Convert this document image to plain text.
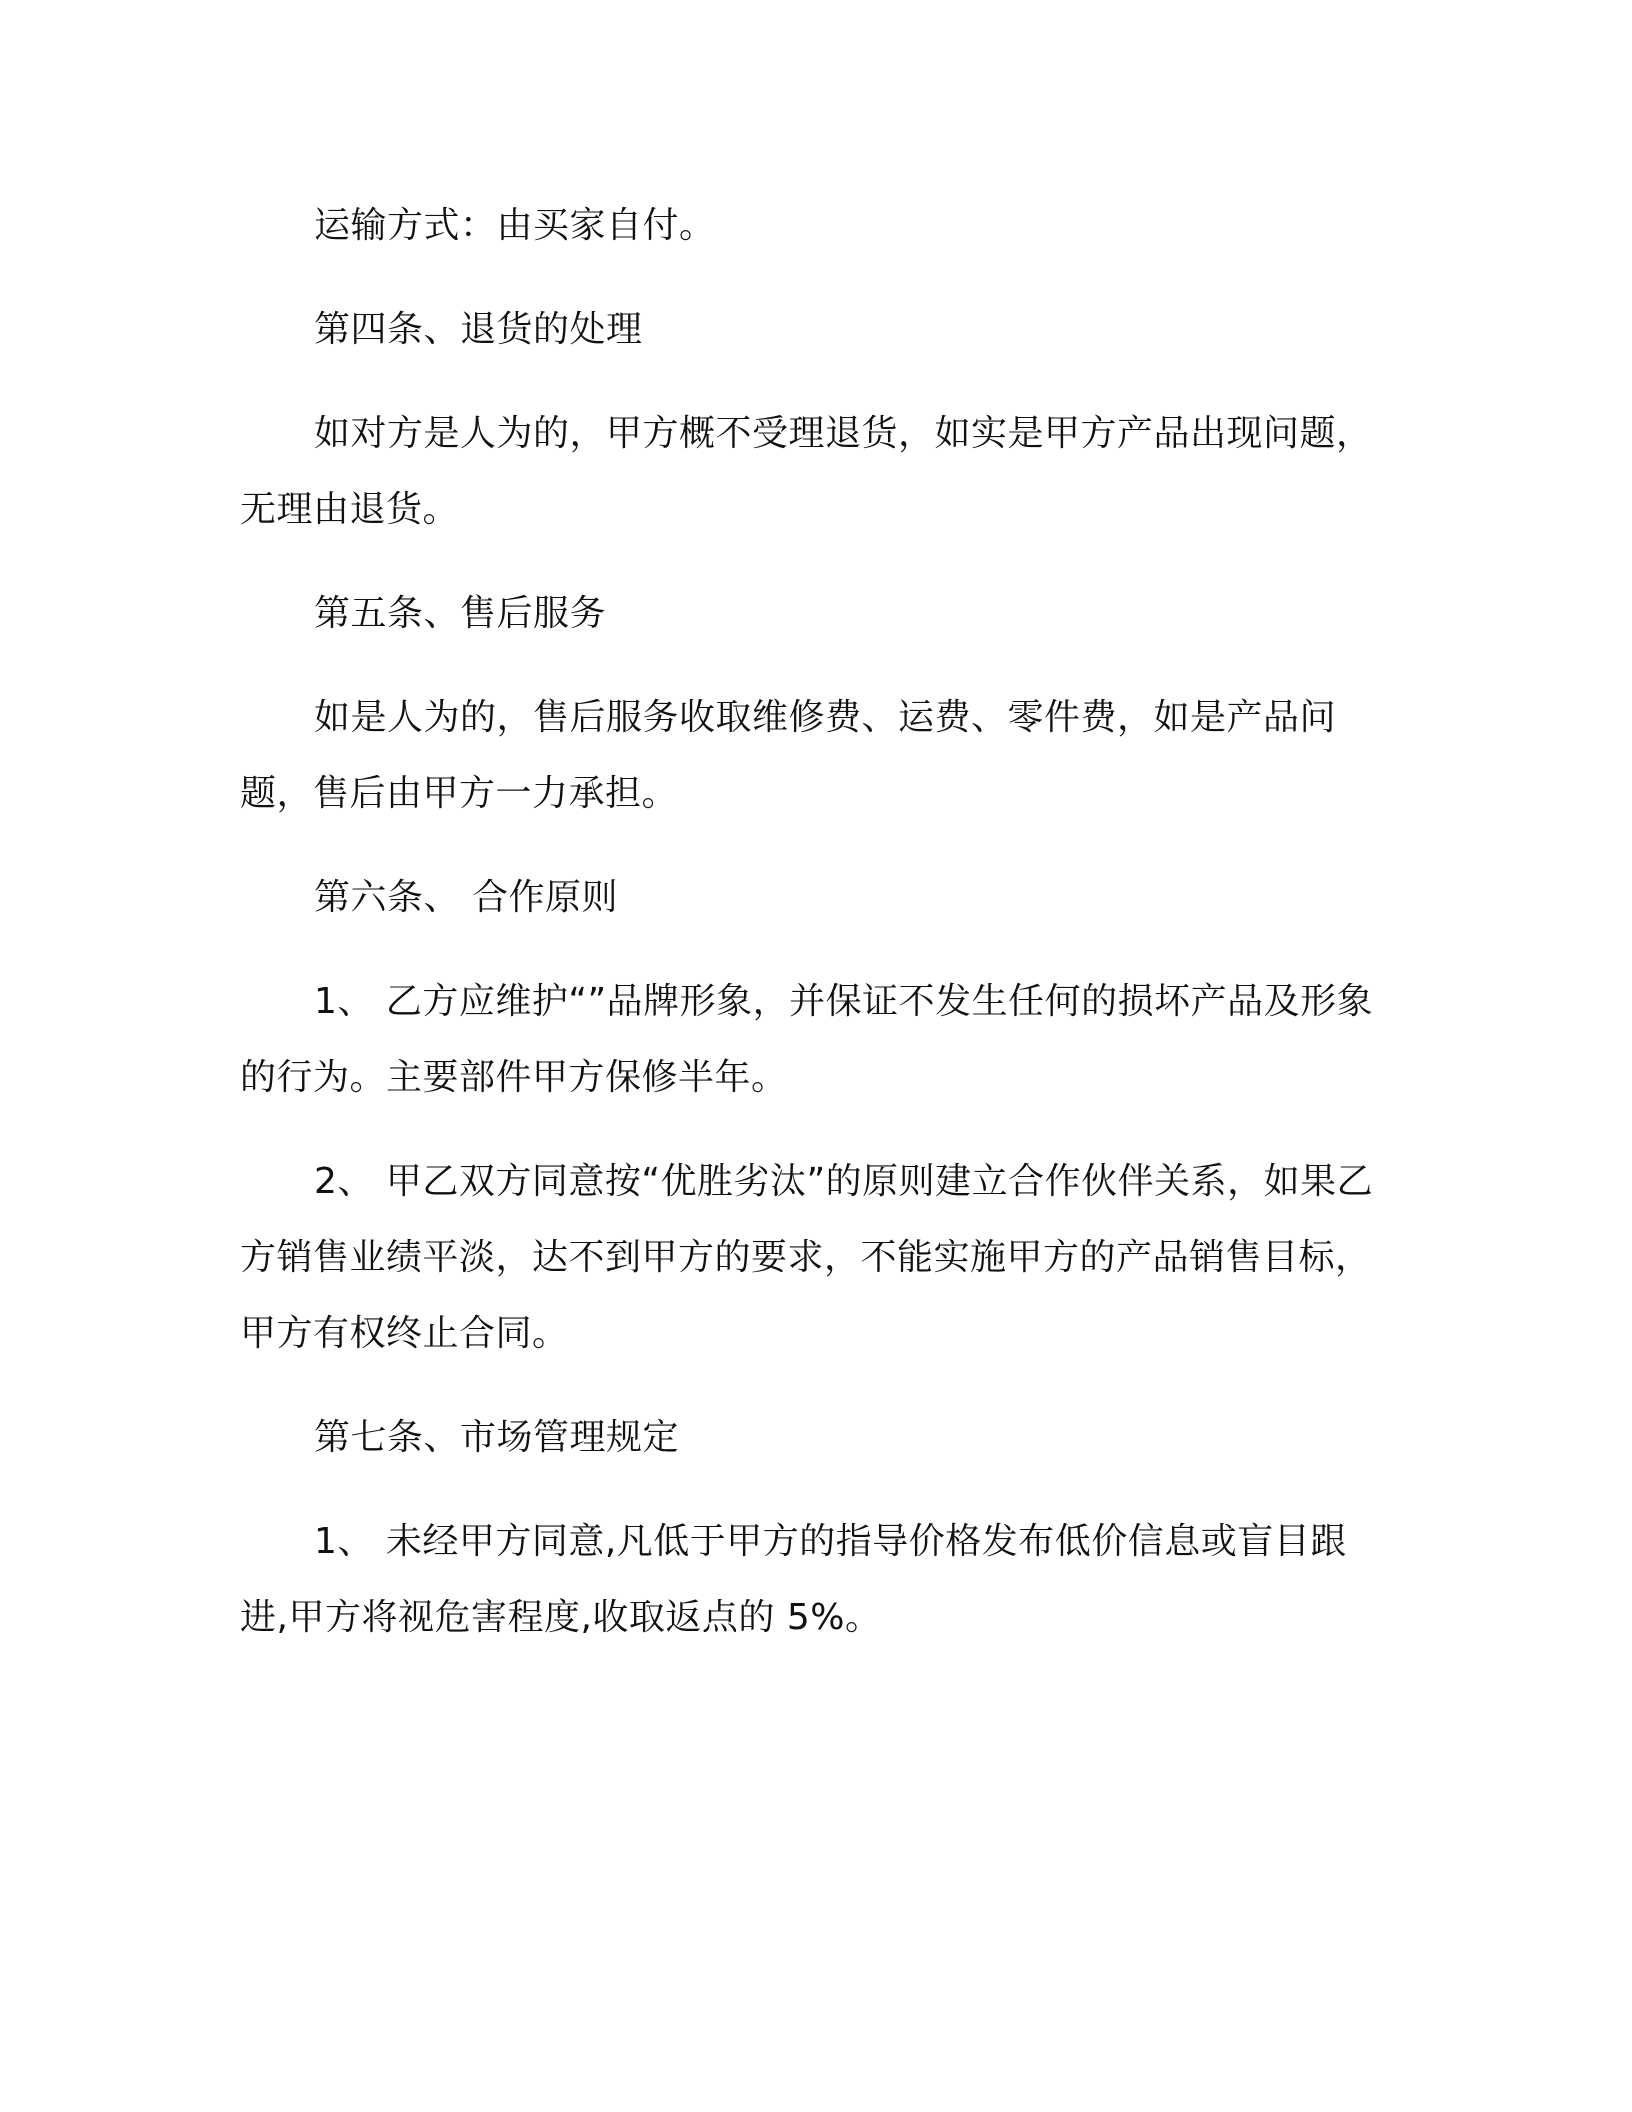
运输方式：由买家自付。

第四条、退货的处理

如对方是人为的，甲方概不受理退货，如实是甲方产品出现问题，无理由退货。

第五条、售后服务

如是人为的，售后服务收取维修费、运费、零件费，如是产品问题，售后由甲方一力承担。

第六条、 合作原则

1、 乙方应维护“”品牌形象，并保证不发生任何的损坏产品及形象的行为。主要部件甲方保修半年。

2、 甲乙双方同意按“优胜劣汰”的原则建立合作伙伴关系，如果乙方销售业绩平淡，达不到甲方的要求，不能实施甲方的产品销售目标，甲方有权终止合同。

第七条、市场管理规定

1、 未经甲方同意,凡低于甲方的指导价格发布低价信息或盲目跟进,甲方将视危害程度,收取返点的 5%。
